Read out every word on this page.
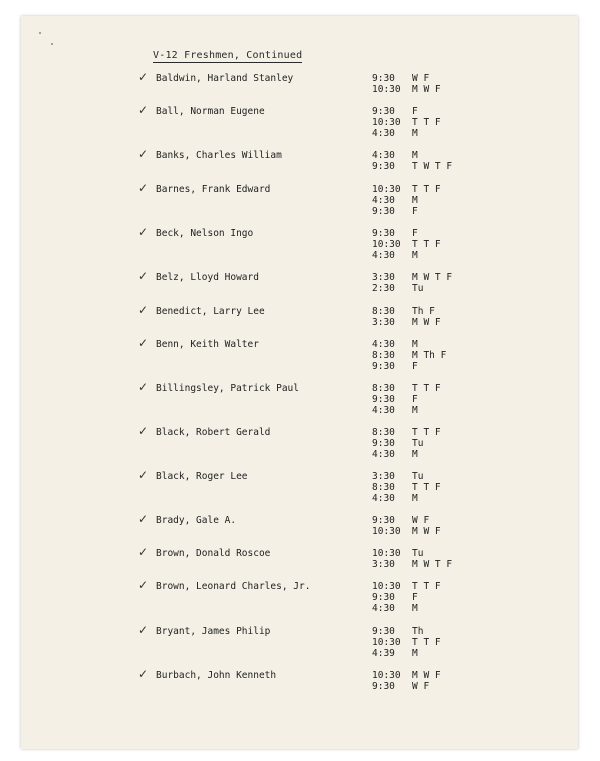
V-12 Freshmen, Continued
✓ Baldwin, Harland Stanley	9:30 W F
10:30 M W F
✓ Ball, Norman Eugene	9:30 F
10:30 T T F
4:30 M
✓ Banks, Charles William	4:30 M
9:30 T W T F
✓ Barnes, Frank Edward	10:30 T T F
4:30 M
9:30 F
✓ Beck, Nelson Ingo	9:30 F
10:30 T T F
4:30 M
✓ Belz, Lloyd Howard	3:30 M W T F
2:30 Tu
✓ Benedict, Larry Lee	8:30 Th F
3:30 M W F
✓ Benn, Keith Walter	4:30 M
8:30 M Th F
9:30 F
✓ Billingsley, Patrick Paul	8:30 T T F
9:30 F
4:30 M
✓ Black, Robert Gerald	8:30 T T F
9:30 Tu
4:30 M
✓ Black, Roger Lee	3:30 Tu
8:30 T T F
4:30 M
✓ Brady, Gale A.	9:30 W F
10:30 M W F
✓ Brown, Donald Roscoe	10:30 Tu
3:30 M W T F
✓ Brown, Leonard Charles, Jr.	10:30 T T F
9:30 F
4:30 M
✓ Bryant, James Philip	9:30 Th
10:30 T T F
4:39 M
✓ Burbach, John Kenneth	10:30 M W F
9:30 W F
